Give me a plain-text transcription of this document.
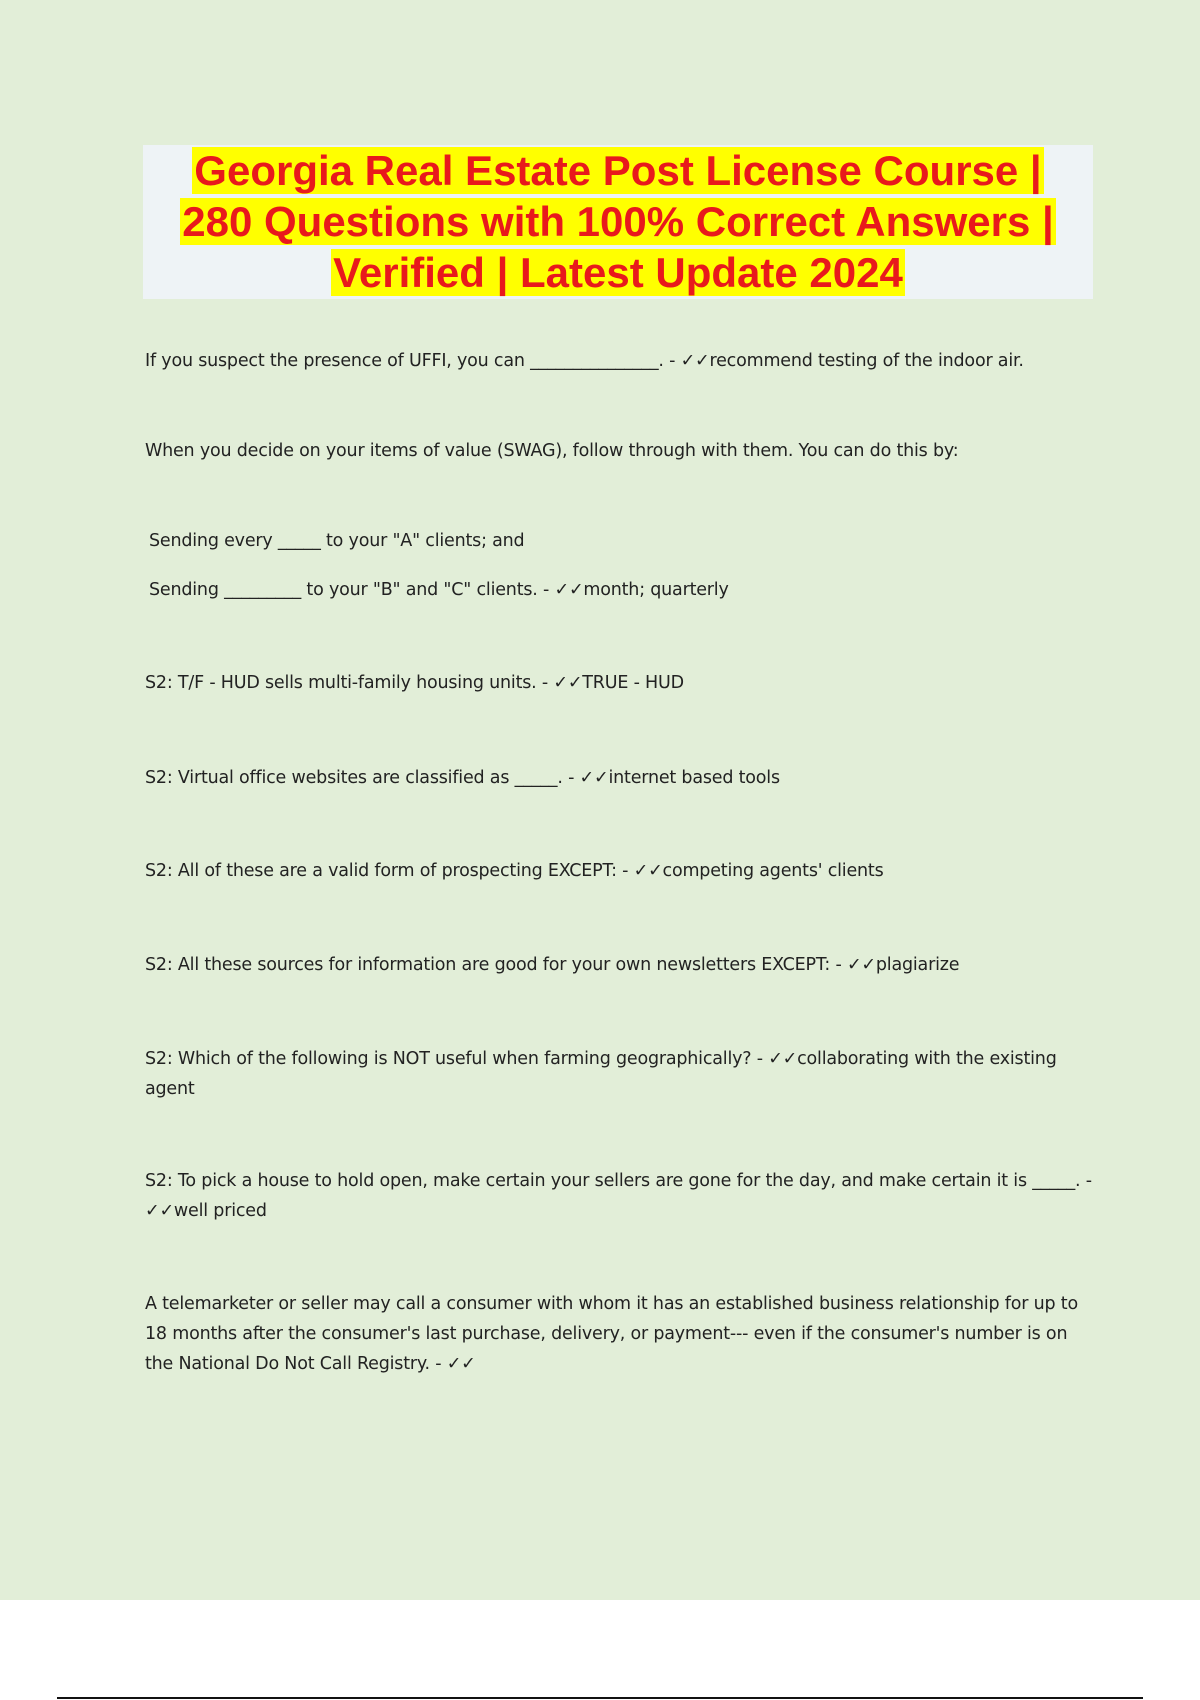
Georgia Real Estate Post License Course |
280 Questions with 100% Correct Answers |
Verified | Latest Update 2024

If you suspect the presence of UFFI, you can _______________. - ✓✓recommend testing of the indoor air.

When you decide on your items of value (SWAG), follow through with them. You can do this by:

Sending every _____ to your "A" clients; and

Sending _________ to your "B" and "C" clients. - ✓✓month; quarterly

S2: T/F - HUD sells multi-family housing units. - ✓✓TRUE - HUD

S2: Virtual office websites are classified as _____. - ✓✓internet based tools

S2: All of these are a valid form of prospecting EXCEPT: - ✓✓competing agents' clients

S2: All these sources for information are good for your own newsletters EXCEPT: - ✓✓plagiarize

S2: Which of the following is NOT useful when farming geographically? - ✓✓collaborating with the existing agent

S2: To pick a house to hold open, make certain your sellers are gone for the day, and make certain it is _____. - ✓✓well priced

A telemarketer or seller may call a consumer with whom it has an established business relationship for up to 18 months after the consumer's last purchase, delivery, or payment--- even if the consumer's number is on the National Do Not Call Registry. - ✓✓
